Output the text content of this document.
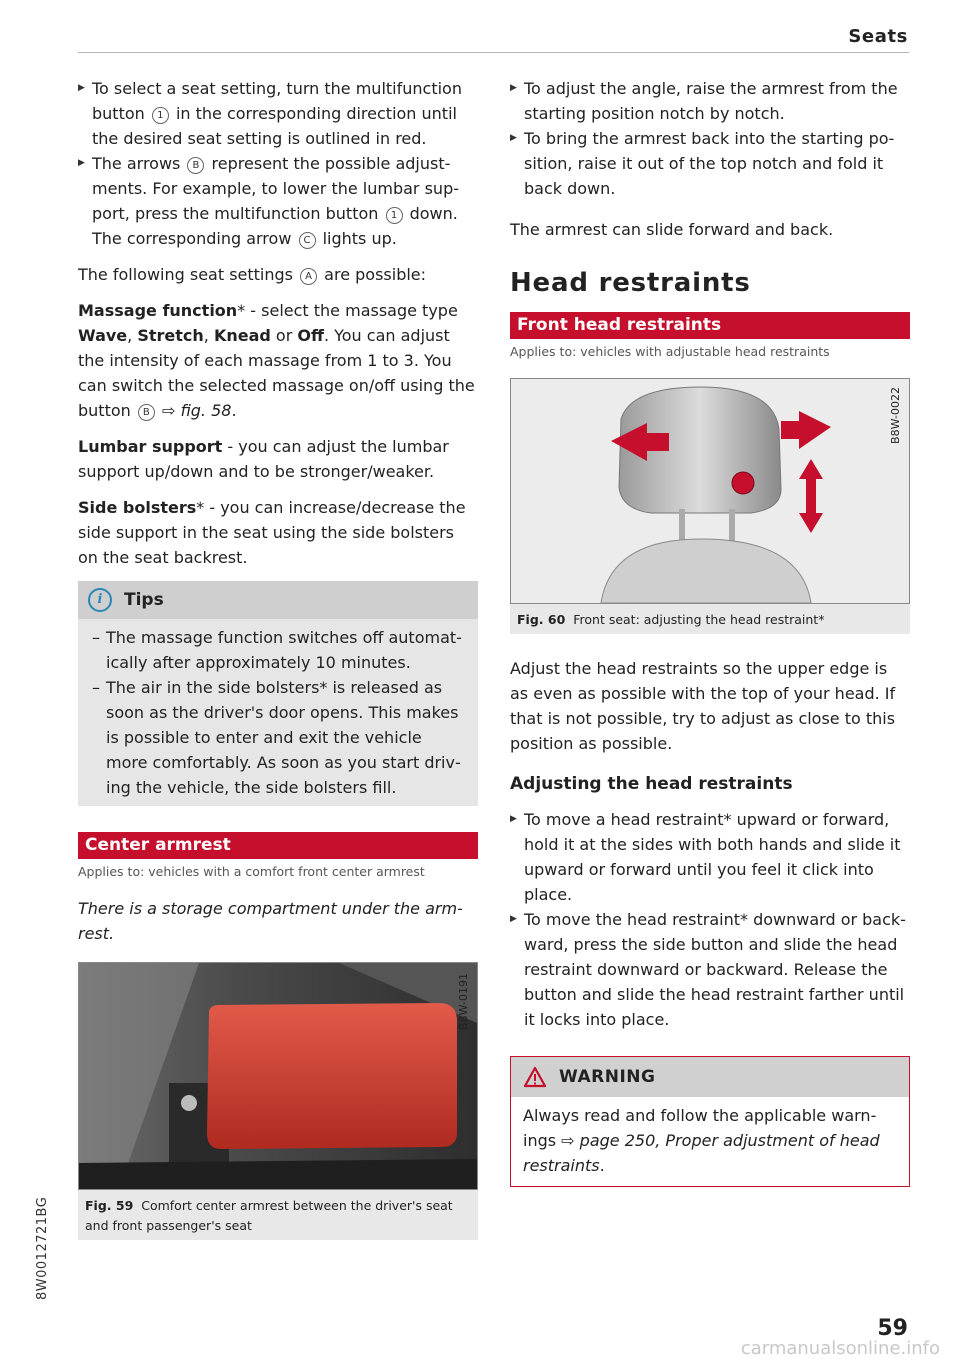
Seats
▶ To select a seat setting, turn the multifunction button 1 in the corresponding direction until the desired seat setting is outlined in red.
▶ The arrows B represent the possible adjustments. For example, to lower the lumbar support, press the multifunction button 1 down. The corresponding arrow C lights up.

The following seat settings A are possible:

Massage function* - select the massage type Wave, Stretch, Knead or Off. You can adjust the intensity of each massage from 1 to 3. You can switch the selected massage on/off using the button B ⇨ fig. 58.

Lumbar support - you can adjust the lumbar support up/down and to be stronger/weaker.

Side bolsters* - you can increase/decrease the side support in the seat using the side bolsters on the seat backrest.

i	Tips
– The massage function switches off automatically after approximately 10 minutes.
– The air in the side bolsters* is released as soon as the driver's door opens. This makes is possible to enter and exit the vehicle more comfortably. As soon as you start driving the vehicle, the side bolsters fill.
Center armrest
Applies to: vehicles with a comfort front center armrest

There is a storage compartment under the armrest.

B8W-0191
Fig. 59 Comfort center armrest between the driver's seat and front passenger's seat
▶ To adjust the angle, raise the armrest from the starting position notch by notch.
▶ To bring the armrest back into the starting position, raise it out of the top notch and fold it back down.

The armrest can slide forward and back.

Head restraints
Front head restraints
Applies to: vehicles with adjustable head restraints
B8W-0022
Fig. 60 Front seat: adjusting the head restraint*

Adjust the head restraints so the upper edge is as even as possible with the top of your head. If that is not possible, try to adjust as close to this position as possible.

Adjusting the head restraints
▶ To move a head restraint* upward or forward, hold it at the sides with both hands and slide it upward or forward until you feel it click into place.
▶ To move the head restraint* downward or backward, press the side button and slide the head restraint downward or backward. Release the button and slide the head restraint farther until it locks into place.
WARNING
Always read and follow the applicable warnings ⇨ page 250, Proper adjustment of head restraints.
8W0012721BG
59
carmanualsonline.info
